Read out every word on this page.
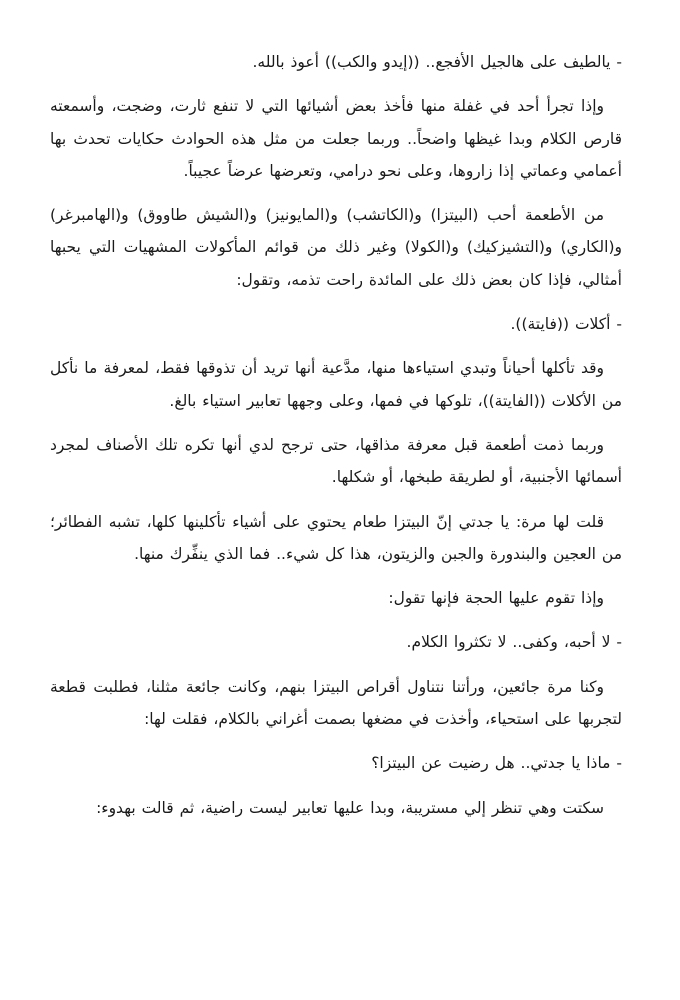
- يالطيف على هالجيل الأفجع.. ((إيدو والكب)) أعوذ بالله.

وإذا تجرأ أحد في غفلة منها فأخذ بعض أشيائها التي لا تنفع ثارت، وضجت، وأسمعته قارص الكلام وبدا غيظها واضحاً.. وربما جعلت من مثل هذه الحوادث حكايات تحدث بها أعمامي وعماتي إذا زاروها، وعلى نحو درامي، وتعرضها عرضاً عجيباً.

من الأطعمة أحب (البيتزا) و(الكاتشب) و(المايونيز) و(الشيش طاووق) و(الهامبرغر) و(الكاري) و(التشيزكيك) و(الكولا) وغير ذلك من قوائم المأكولات المشهيات التي يحبها أمثالي، فإذا كان بعض ذلك على المائدة راحت تذمه، وتقول:

- أكلات ((فايتة)).

وقد تأكلها أحياناً وتبدي استياءها منها، مدَّعية أنها تريد أن تذوقها فقط، لمعرفة ما نأكل من الأكلات ((الفايتة))، تلوكها في فمها، وعلى وجهها تعابير استياء بالغ.

وربما ذمت أطعمة قبل معرفة مذاقها، حتى ترجح لدي أنها تكره تلك الأصناف لمجرد أسمائها الأجنبية، أو لطريقة طبخها، أو شكلها.

قلت لها مرة: يا جدتي إنّ البيتزا طعام يحتوي على أشياء تأكلينها كلها، تشبه الفطائر؛ من العجين والبندورة والجبن والزيتون، هذا كل شيء.. فما الذي ينفِّرك منها.

وإذا تقوم عليها الحجة فإنها تقول:

- لا أحبه، وكفى.. لا تكثروا الكلام.

وكنا مرة جائعين، ورأتنا نتناول أقراص البيتزا بنهم، وكانت جائعة مثلنا، فطلبت قطعة لتجربها على استحياء، وأخذت في مضغها بصمت أغراني بالكلام، فقلت لها:

- ماذا يا جدتي.. هل رضيت عن البيتزا؟

سكتت وهي تنظر إلي مستريبة، وبدا عليها تعابير ليست راضية، ثم قالت بهدوء:
